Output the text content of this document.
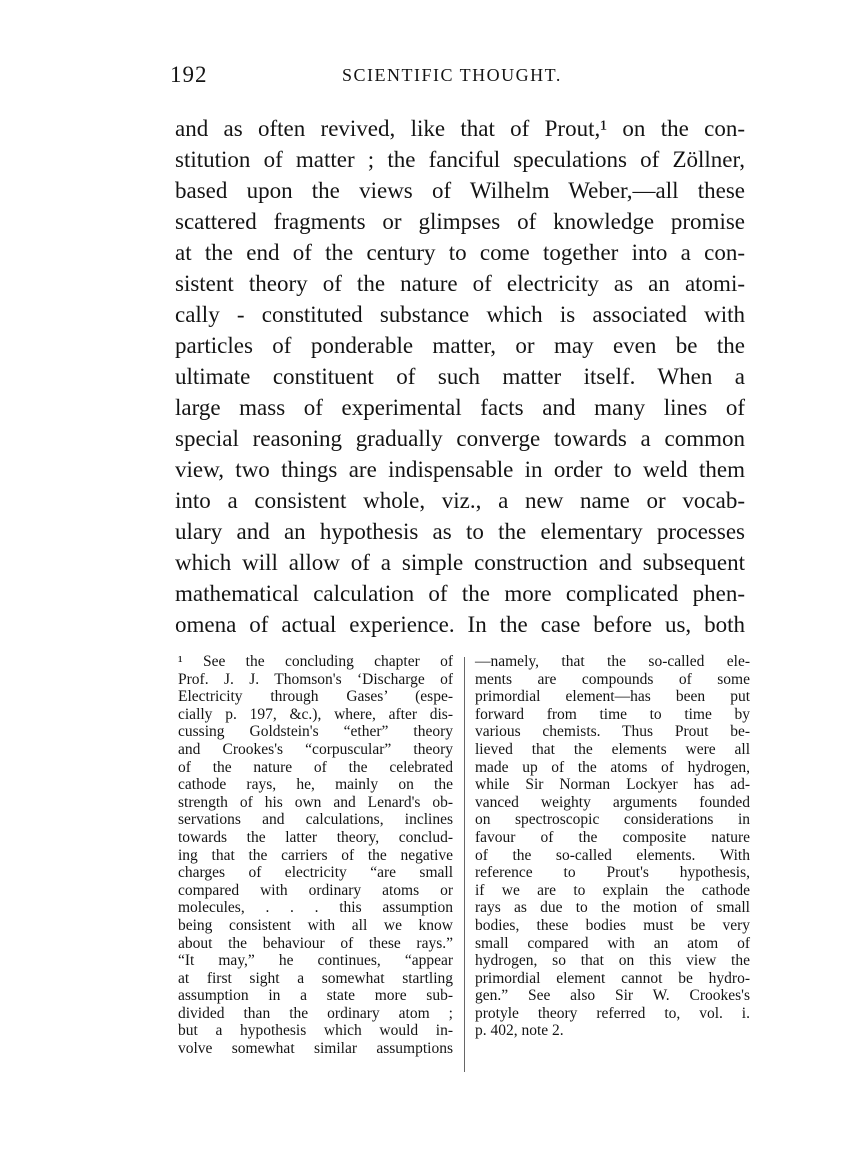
192	SCIENTIFIC THOUGHT.
and as often revived, like that of Prout,¹ on the con-
stitution of matter ; the fanciful speculations of Zöllner,
based upon the views of Wilhelm Weber,—all these
scattered fragments or glimpses of knowledge promise
at the end of the century to come together into a con-
sistent theory of the nature of electricity as an atomi-
cally - constituted substance which is associated with
particles of ponderable matter, or may even be the
ultimate constituent of such matter itself. When a
large mass of experimental facts and many lines of
special reasoning gradually converge towards a common
view, two things are indispensable in order to weld them
into a consistent whole, viz., a new name or vocab-
ulary and an hypothesis as to the elementary processes
which will allow of a simple construction and subsequent
mathematical calculation of the more complicated phen-
omena of actual experience. In the case before us, both
¹ See the concluding chapter of
Prof. J. J. Thomson's ‘Discharge of
Electricity through Gases’ (espe-
cially p. 197, &c.), where, after dis-
cussing Goldstein's “ether” theory
and Crookes's “corpuscular” theory
of the nature of the celebrated
cathode rays, he, mainly on the
strength of his own and Lenard's ob-
servations and calculations, inclines
towards the latter theory, conclud-
ing that the carriers of the negative
charges of electricity “are small
compared with ordinary atoms or
molecules, . . . this assumption
being consistent with all we know
about the behaviour of these rays.”
“It may,” he continues, “appear
at first sight a somewhat startling
assumption in a state more sub-
divided than the ordinary atom ;
but a hypothesis which would in-
volve somewhat similar assumptions
—namely, that the so-called ele-
ments are compounds of some
primordial element—has been put
forward from time to time by
various chemists. Thus Prout be-
lieved that the elements were all
made up of the atoms of hydrogen,
while Sir Norman Lockyer has ad-
vanced weighty arguments founded
on spectroscopic considerations in
favour of the composite nature
of the so-called elements. With
reference to Prout's hypothesis,
if we are to explain the cathode
rays as due to the motion of small
bodies, these bodies must be very
small compared with an atom of
hydrogen, so that on this view the
primordial element cannot be hydro-
gen.” See also Sir W. Crookes's
protyle theory referred to, vol. i.
p. 402, note 2.
